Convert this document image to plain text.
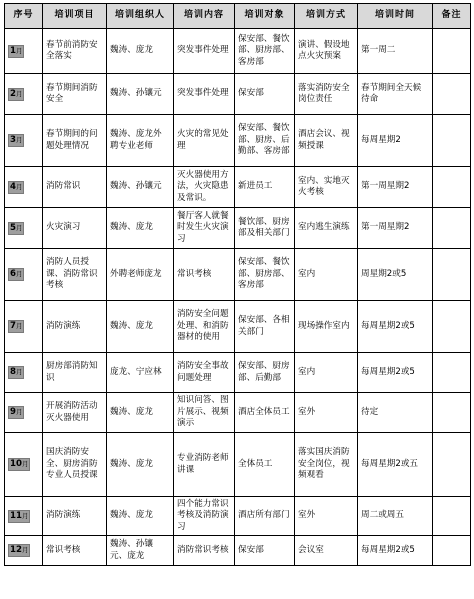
序号	培训项目	培训组织人	培训内容	培训对象	培训方式	培训时间	备注
1月	春节前消防安全落实	魏涛、庞龙	突发事件处理	保安部、餐饮部、厨房部、客房部	演讲、假设地点火灾预案	第一周二	
2月	春节期间消防安全	魏涛、孙镶元	突发事件处理	保安部	落实消防安全岗位责任	春节期间全天候待命	
3月	春节期间的问题处理情况	魏涛、庞龙外聘专业老师	火灾的常见处理	保安部、餐饮部、厨房、后勤部、客房部	酒店会议、视频授课	每周星期2	
4月	消防常识	魏涛、孙镶元	灭火器使用方法，火灾隐患及常识。	新进员工	室内、实地灭火考核	第一周星期2	
5月	火灾演习	魏涛、庞龙	餐厅客人就餐时发生火灾演习	餐饮部、厨房部及相关部门	室内逃生演练	第一周星期2	
6月	消防人员授课、消防常识考核	外聘老师庞龙	常识考核	保安部、餐饮部、厨房部、客房部	室内	周星期2或5	
7月	消防演练	魏涛、庞龙	消防安全问题处理、和消防器材的使用	保安部、各相关部门	现场操作室内	每周星期2或5	
8月	厨房部消防知识	庞龙、宁应林	消防安全事故问题处理	保安部、厨房部、后勤部	室内	每周星期2或5	
9月	开展消防活动灭火器使用	魏涛、庞龙	知识问答、图片展示、视频演示	酒店全体员工	室外	待定	
10月	国庆消防安全、厨房消防专业人员授课	魏涛、庞龙	专业消防老师讲课	全体员工	落实国庆消防安全岗位，视频观看	每周星期2或五	
11月	消防演练	魏涛、庞龙	四个能力常识考核及消防演习	酒店所有部门	室外	周二或周五	
12月	常识考核	魏涛、孙镶元、庞龙	消防常识考核	保安部	会议室	每周星期2或5	
